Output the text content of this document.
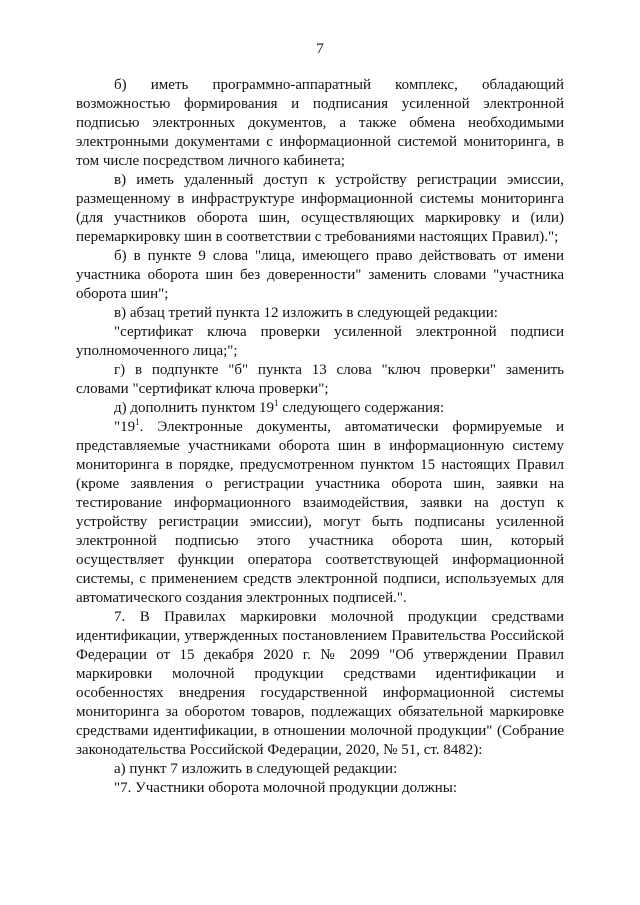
7

б) иметь программно-аппаратный комплекс, обладающий возможностью формирования и подписания усиленной электронной подписью электронных документов, а также обмена необходимыми электронными документами с информационной системой мониторинга, в том числе посредством личного кабинета;

в) иметь удаленный доступ к устройству регистрации эмиссии, размещенному в инфраструктуре информационной системы мониторинга (для участников оборота шин, осуществляющих маркировку и (или) перемаркировку шин в соответствии с требованиями настоящих Правил).";

б) в пункте 9 слова "лица, имеющего право действовать от имени участника оборота шин без доверенности" заменить словами "участника оборота шин";

в) абзац третий пункта 12 изложить в следующей редакции:

"сертификат ключа проверки усиленной электронной подписи уполномоченного лица;";

г) в подпункте "б" пункта 13 слова "ключ проверки" заменить словами "сертификат ключа проверки";

д) дополнить пунктом $19^1$ следующего содержания:

"$19^1$. Электронные документы, автоматически формируемые и представляемые участниками оборота шин в информационную систему мониторинга в порядке, предусмотренном пунктом 15 настоящих Правил (кроме заявления о регистрации участника оборота шин, заявки на тестирование информационного взаимодействия, заявки на доступ к устройству регистрации эмиссии), могут быть подписаны усиленной электронной подписью этого участника оборота шин, который осуществляет функции оператора соответствующей информационной системы, с применением средств электронной подписи, используемых для автоматического создания электронных подписей.".

7. В Правилах маркировки молочной продукции средствами идентификации, утвержденных постановлением Правительства Российской Федерации от 15 декабря 2020 г. № 2099 "Об утверждении Правил маркировки молочной продукции средствами идентификации и особенностях внедрения государственной информационной системы мониторинга за оборотом товаров, подлежащих обязательной маркировке средствами идентификации, в отношении молочной продукции" (Собрание законодательства Российской Федерации, 2020, № 51, ст. 8482):

а) пункт 7 изложить в следующей редакции:

"7. Участники оборота молочной продукции должны:
